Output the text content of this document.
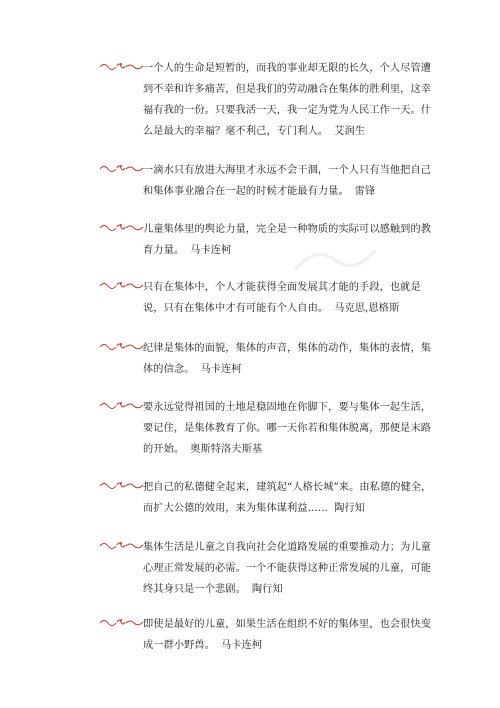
一个人的生命是短暂的，而我的事业却无限的长久，个人尽管遭到不幸和许多痛苦，但是我们的劳动融合在集体的胜利里，这幸福有我的一份。只要我活一天，我一定为党为人民工作一天。什么是最大的幸福？毫不利己，专门利人。 艾润生

一滴水只有放进大海里才永远不会干涸，一个人只有当他把自己和集体事业融合在一起的时候才能最有力量。 雷锋

儿童集体里的舆论力量，完全是一种物质的实际可以感触到的教育力量。 马卡连柯

只有在集体中，个人才能获得全面发展其才能的手段，也就是说，只有在集体中才有可能有个人自由。 马克思,恩格斯

纪律是集体的面貌，集体的声音，集体的动作，集体的表情，集体的信念。 马卡连柯

要永远觉得祖国的土地是稳固地在你脚下，要与集体一起生活，要记住，是集体教育了你。哪一天你若和集体脱离，那便是末路的开始。 奥斯特洛夫斯基

把自己的私德健全起来，建筑起“人格长城”来。由私德的健全，而扩大公德的效用，来为集体谋利益…… 陶行知

集体生活是儿童之自我向社会化道路发展的重要推动力；为儿童心理正常发展的必需。一个不能获得这种正常发展的儿童，可能终其身只是一个悲剧。 陶行知

即使是最好的儿童，如果生活在组织不好的集体里，也会很快变成一群小野兽。 马卡连柯
